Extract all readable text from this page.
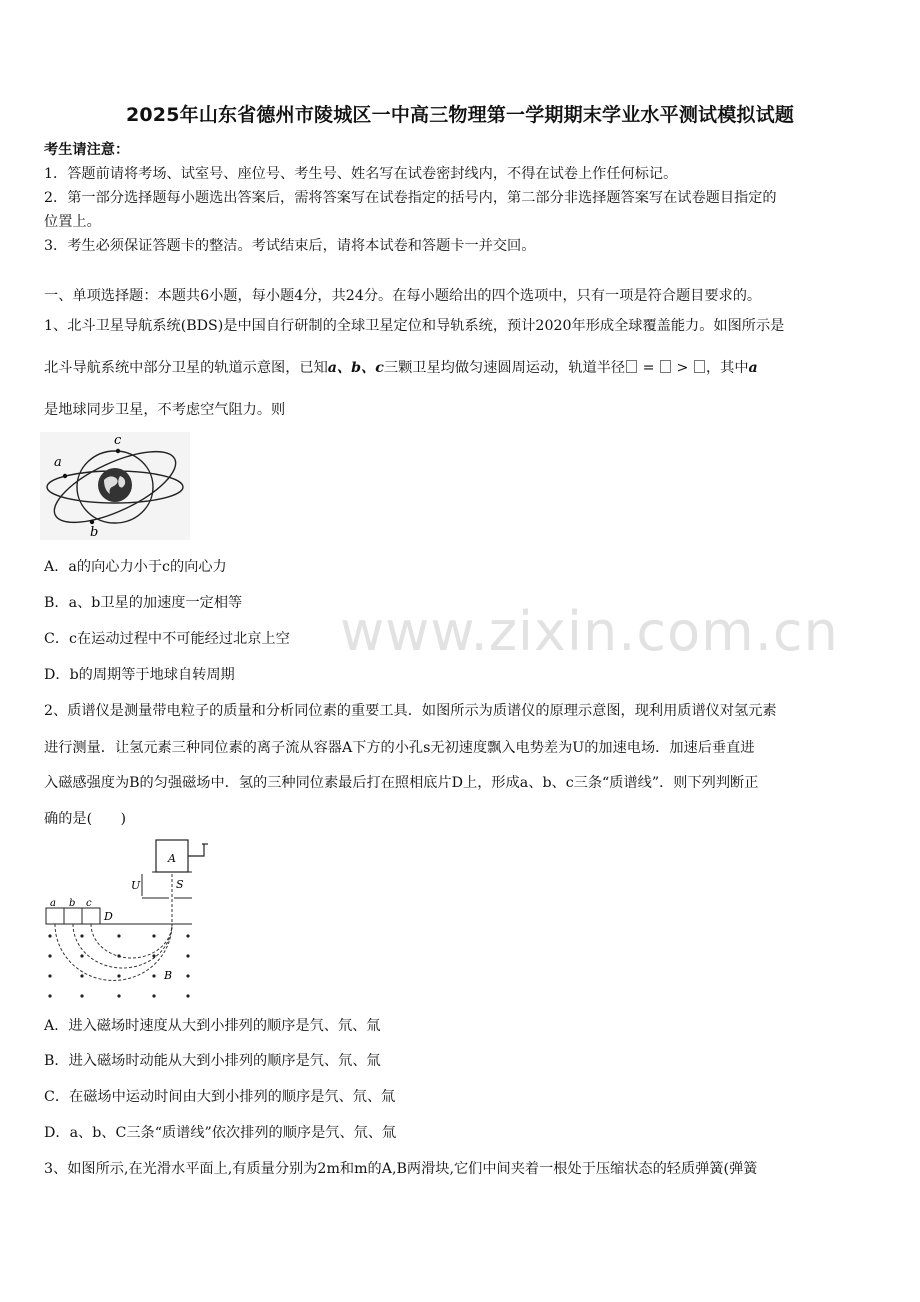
2025年山东省德州市陵城区一中高三物理第一学期期末学业水平测试模拟试题
考生请注意：
1．答题前请将考场、试室号、座位号、考生号、姓名写在试卷密封线内，不得在试卷上作任何标记。
2．第一部分选择题每小题选出答案后，需将答案写在试卷指定的括号内，第二部分非选择题答案写在试卷题目指定的
位置上。
3．考生必须保证答题卡的整洁。考试结束后，请将本试卷和答题卡一并交回。
一、单项选择题：本题共6小题，每小题4分，共24分。在每小题给出的四个选项中，只有一项是符合题目要求的。
1、北斗卫星导航系统(BDS)是中国自行研制的全球卫星定位和导轨系统，预计2020年形成全球覆盖能力。如图所示是
北斗导航系统中部分卫星的轨道示意图，已知a、b、c三颗卫星均做匀速圆周运动，轨道半径 =  > ，其中a
是地球同步卫星，不考虑空气阻力。则
a
c
b
A．a的向心力小于c的向心力
B．a、b卫星的加速度一定相等
C．c在运动过程中不可能经过北京上空
D．b的周期等于地球自转周期
www.zixin.com.cn
2、质谱仪是测量带电粒子的质量和分析同位素的重要工具．如图所示为质谱仪的原理示意图，现利用质谱仪对氢元素
进行测量．让氢元素三种同位素的离子流从容器A下方的小孔s无初速度飘入电势差为U的加速电场．加速后垂直进
入磁感强度为B的匀强磁场中．氢的三种同位素最后打在照相底片D上，形成a、b、c三条“质谱线”．则下列判断正
确的是(　　)
A
U	S
a b c
D
B
A．进入磁场时速度从大到小排列的顺序是氕、氘、氚
B．进入磁场时动能从大到小排列的顺序是氕、氘、氚
C．在磁场中运动时间由大到小排列的顺序是氕、氘、氚
D．a、b、C三条“质谱线”依次排列的顺序是氕、氘、氚
3、如图所示,在光滑水平面上,有质量分别为2m和m的A,B两滑块,它们中间夹着一根处于压缩状态的轻质弹簧(弹簧
